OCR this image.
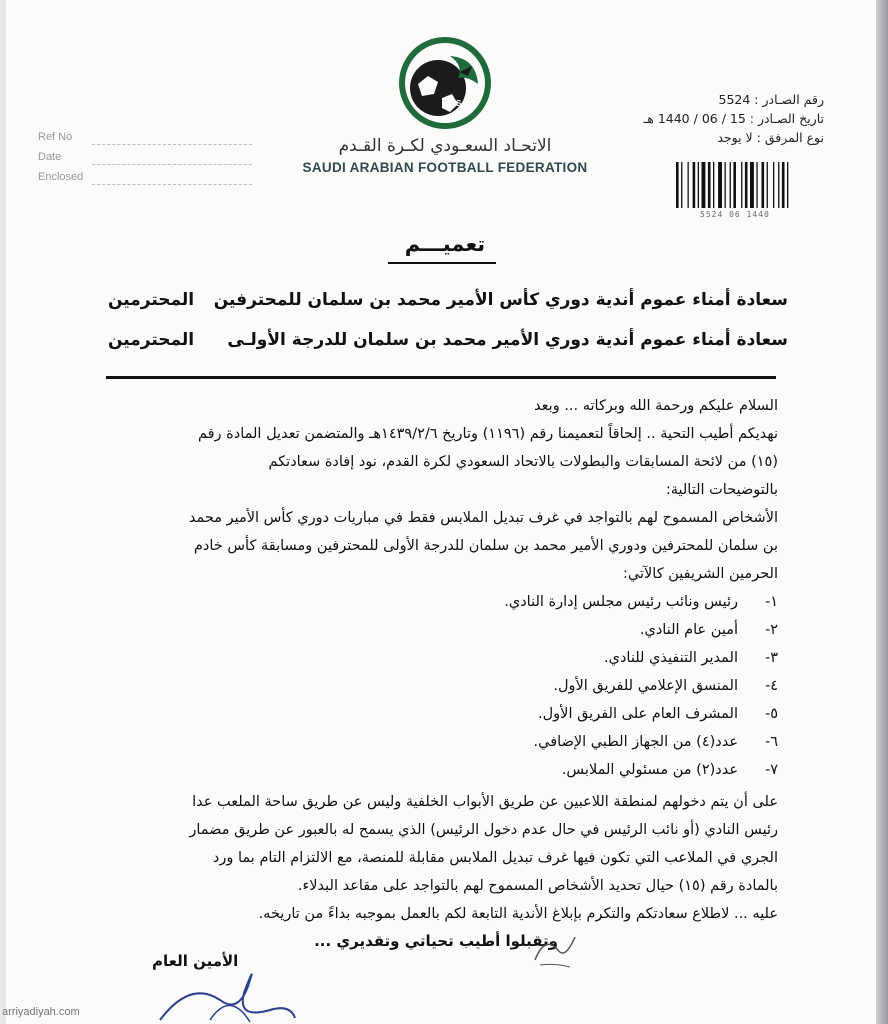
SAFF
الاتحـاد السعـودي لكـرة القـدم
SAUDI ARABIAN FOOTBALL FEDERATION
Ref No
Date
Enclosed
رقم الصـادر : 5524
تاريخ الصـادر : 15 / 06 / 1440 هـ
نوع المرفق : لا يوجد
5524 06 1440
تعميـــم
سعادة أمناء عموم أندية دوري كأس الأمير محمد بن سلمان للمحترفين
المحترمين
سعادة أمناء عموم أندية دوري الأمير محمد بن سلمان للدرجة الأولـى
المحترمين
السلام عليكم ورحمة الله وبركاته ... وبعد
نهديكم أطيب التحية .. إلحاقاً لتعميمنا رقم (١١٩٦) وتاريخ ١٤٣٩/٢/٦هـ والمتضمن تعديل المادة رقم
(١٥) من لائحة المسابقات والبطولات بالاتحاد السعودي لكرة القدم، نود إفادة سعادتكم
بالتوضيحات التالية:
الأشخاص المسموح لهم بالتواجد في غرف تبديل الملابس فقط في مباريات دوري كأس الأمير محمد
بن سلمان للمحترفين ودوري الأمير محمد بن سلمان للدرجة الأولى للمحترفين ومسابقة كأس خادم
الحرمين الشريفين كالآتي:
١-رئيس ونائب رئيس مجلس إدارة النادي.
٢-أمين عام النادي.
٣-المدير التنفيذي للنادي.
٤-المنسق الإعلامي للفريق الأول.
٥-المشرف العام على الفريق الأول.
٦-عدد(٤) من الجهاز الطبي الإضافي.
٧-عدد(٢) من مسئولي الملابس.
على أن يتم دخولهم لمنطقة اللاعبين عن طريق الأبواب الخلفية وليس عن طريق ساحة الملعب عدا
رئيس النادي (أو نائب الرئيس في حال عدم دخول الرئيس) الذي يسمح له بالعبور عن طريق مضمار
الجري في الملاعب التي تكون فيها غرف تبديل الملابس مقابلة للمنصة، مع الالتزام التام بما ورد
بالمادة رقم (١٥) حيال تحديد الأشخاص المسموح لهم بالتواجد على مقاعد البدلاء.
عليه ... لاطلاع سعادتكم والتكرم بإبلاغ الأندية التابعة لكم بالعمل بموجبه بداءً من تاريخه.
وتقبلوا أطيب تحياتي وتقديري ...
الأمين العام
arriyadiyah.com
